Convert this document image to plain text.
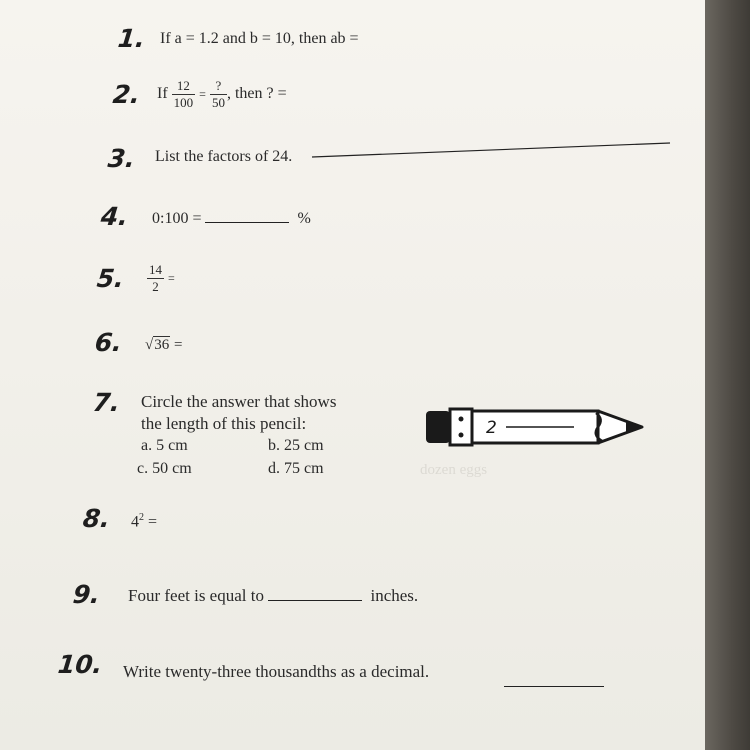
dozen eggs
1. If a = 1.2 and b = 10, then ab =
2. If $\frac{12}{100} = \frac{?}{50}$ , then ? =
3. List the factors of 24.
4. 0:100 =	%
5. $\frac{14}{2}$ =
6. √36 =
7. Circle the answer that shows
the length of this pencil:
a. 5 cm	b. 25 cm
c. 50 cm	d. 75 cm
2
8. $4^2$ =
9. Four feet is equal to	inches.
10. Write twenty-three thousandths as a decimal.
